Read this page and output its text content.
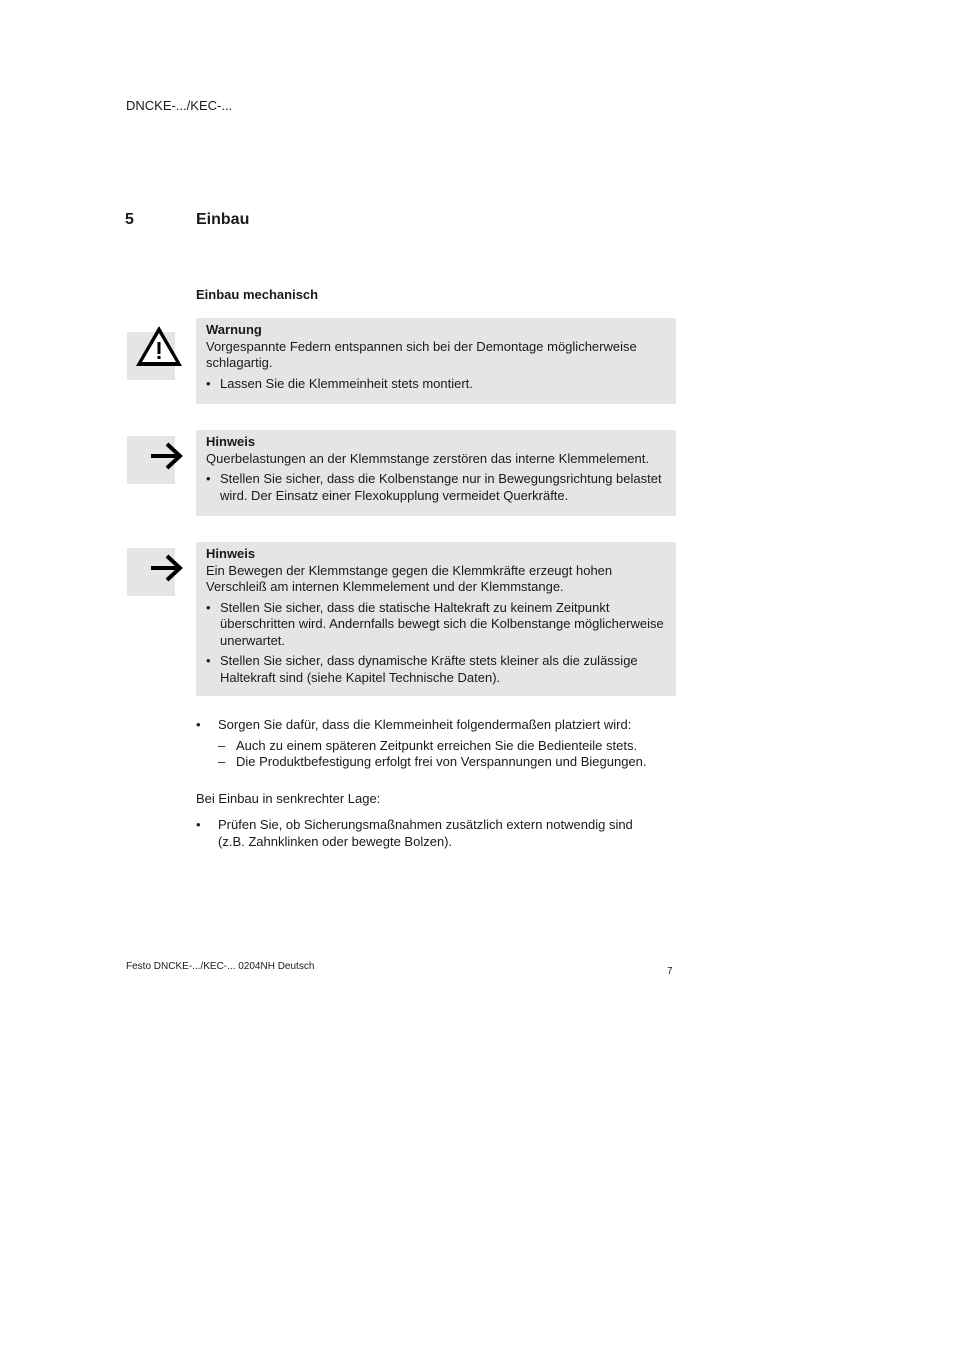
DNCKE-.../KEC-...
5	Einbau
Einbau mechanisch
Warnung
Vorgespannte Federn entspannen sich bei der Demontage möglicherweise schlagartig.
• Lassen Sie die Klemmeinheit stets montiert.
Hinweis
Querbelastungen an der Klemmstange zerstören das interne Klemmelement.
• Stellen Sie sicher, dass die Kolbenstange nur in Bewegungsrichtung belastet wird. Der Einsatz einer Flexokupplung vermeidet Querkräfte.
Hinweis
Ein Bewegen der Klemmstange gegen die Klemmkräfte erzeugt hohen Verschleiß am internen Klemmelement und der Klemmstange.
• Stellen Sie sicher, dass die statische Haltekraft zu keinem Zeitpunkt überschritten wird. Andernfalls bewegt sich die Kolbenstange möglicherweise unerwartet.
• Stellen Sie sicher, dass dynamische Kräfte stets kleiner als die zulässige Haltekraft sind (siehe Kapitel Technische Daten).
• Sorgen Sie dafür, dass die Klemmeinheit folgendermaßen platziert wird:
– Auch zu einem späteren Zeitpunkt erreichen Sie die Bedienteile stets.
– Die Produktbefestigung erfolgt frei von Verspannungen und Biegungen.
Bei Einbau in senkrechter Lage:
• Prüfen Sie, ob Sicherungsmaßnahmen zusätzlich extern notwendig sind (z.B. Zahnklinken oder bewegte Bolzen).
Festo DNCKE-.../KEC-... 0204NH Deutsch	7
